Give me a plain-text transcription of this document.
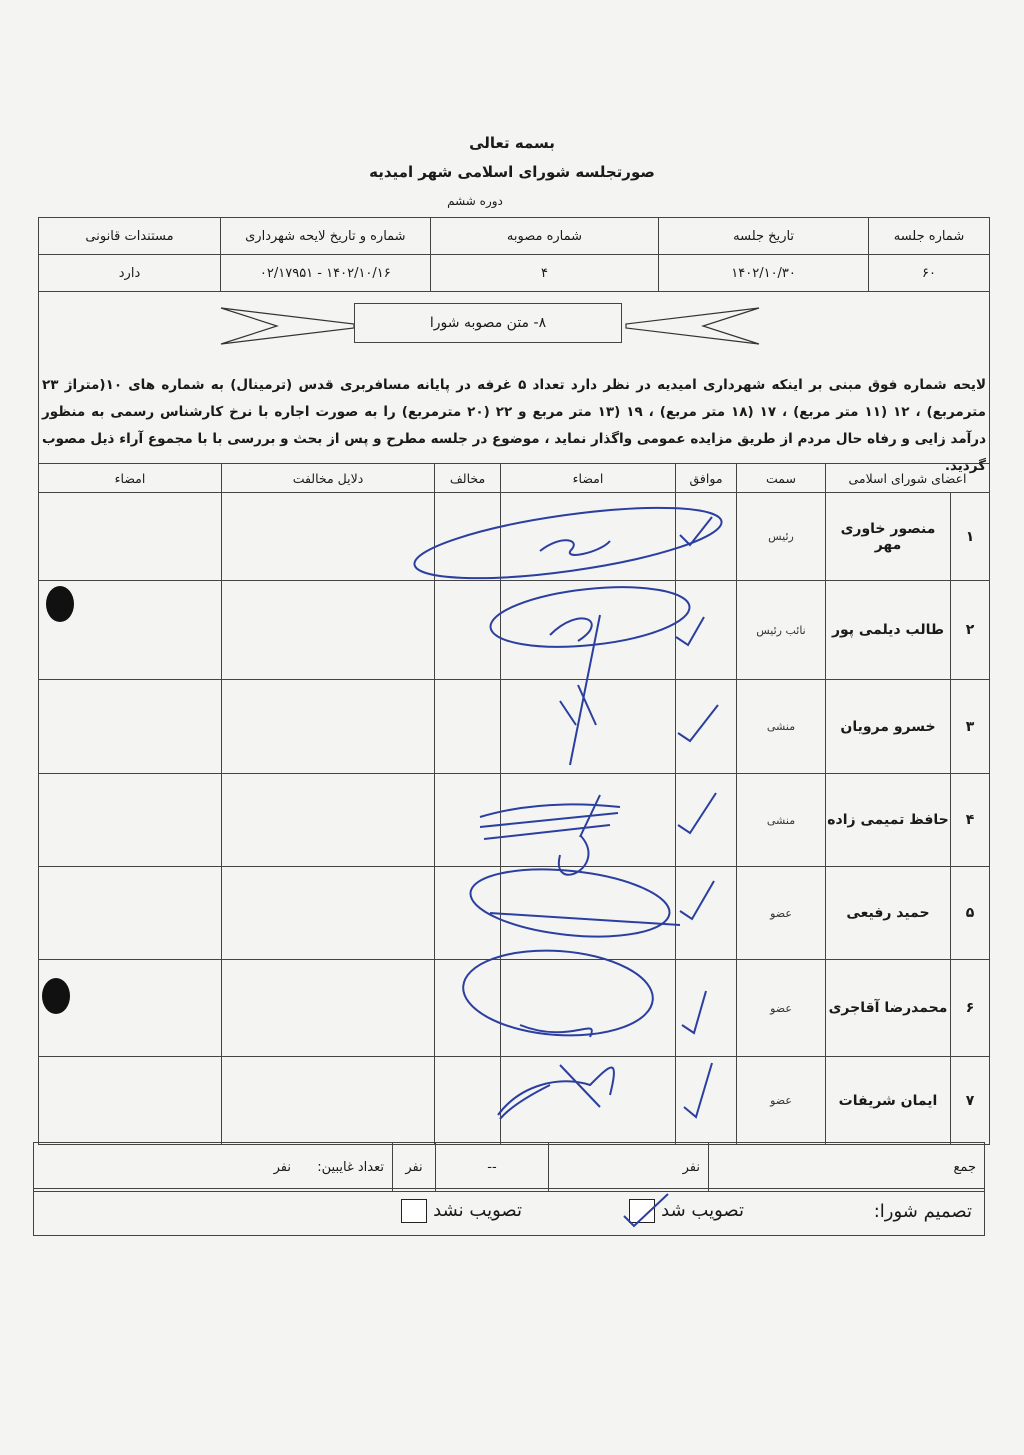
بسمه تعالی
صورتجلسه شورای اسلامی شهر امیدیه
دوره ششم
شماره جلسه	تاریخ جلسه	شماره مصوبه	شماره و تاریخ لایحه شهرداری	مستندات قانونی
۶۰	۱۴۰۲/۱۰/۳۰	۴	۱۴۰۲/۱۰/۱۶ - ۰۲/۱۷۹۵۱	دارد
۸- متن مصوبه شورا
لایحه شماره فوق مبنی بر اینکه شهرداری امیدیه در نظر دارد تعداد ۵ غرفه در پایانه مسافربری قدس (ترمینال) به شماره های ۱۰(متراژ ۲۳ مترمربع) ، ۱۲ (۱۱ متر مربع) ، ۱۷ (۱۸ متر مربع) ، ۱۹ (۱۳ متر مربع و ۲۲ (۲۰ مترمربع) را به صورت اجاره با نرخ کارشناس رسمی به منظور درآمد زایی و رفاه حال مردم از طریق مزایده عمومی واگذار نماید ، موضوع در جلسه مطرح و پس از بحث و بررسی با با مجموع آراء ذیل مصوب گردید.
اعضای شورای اسلامی		سمت	موافق	امضاء	مخالف	دلایل مخالفت	امضاء
۱	منصور خاوری مهر	رئیس					
۲	طالب دیلمی پور	نائب رئیس					
۳	خسرو مرویان	منشی					
۴	حافظ تمیمی زاده	منشی					
۵	حمید رفیعی	عضو					
۶	محمدرضا آقاجری	عضو					
۷	ایمان شریفات	عضو					
جمع	نفر	--	نفر	تعداد غایبین:  نفر
تصمیم شورا:
تصویب شد
تصویب نشد
